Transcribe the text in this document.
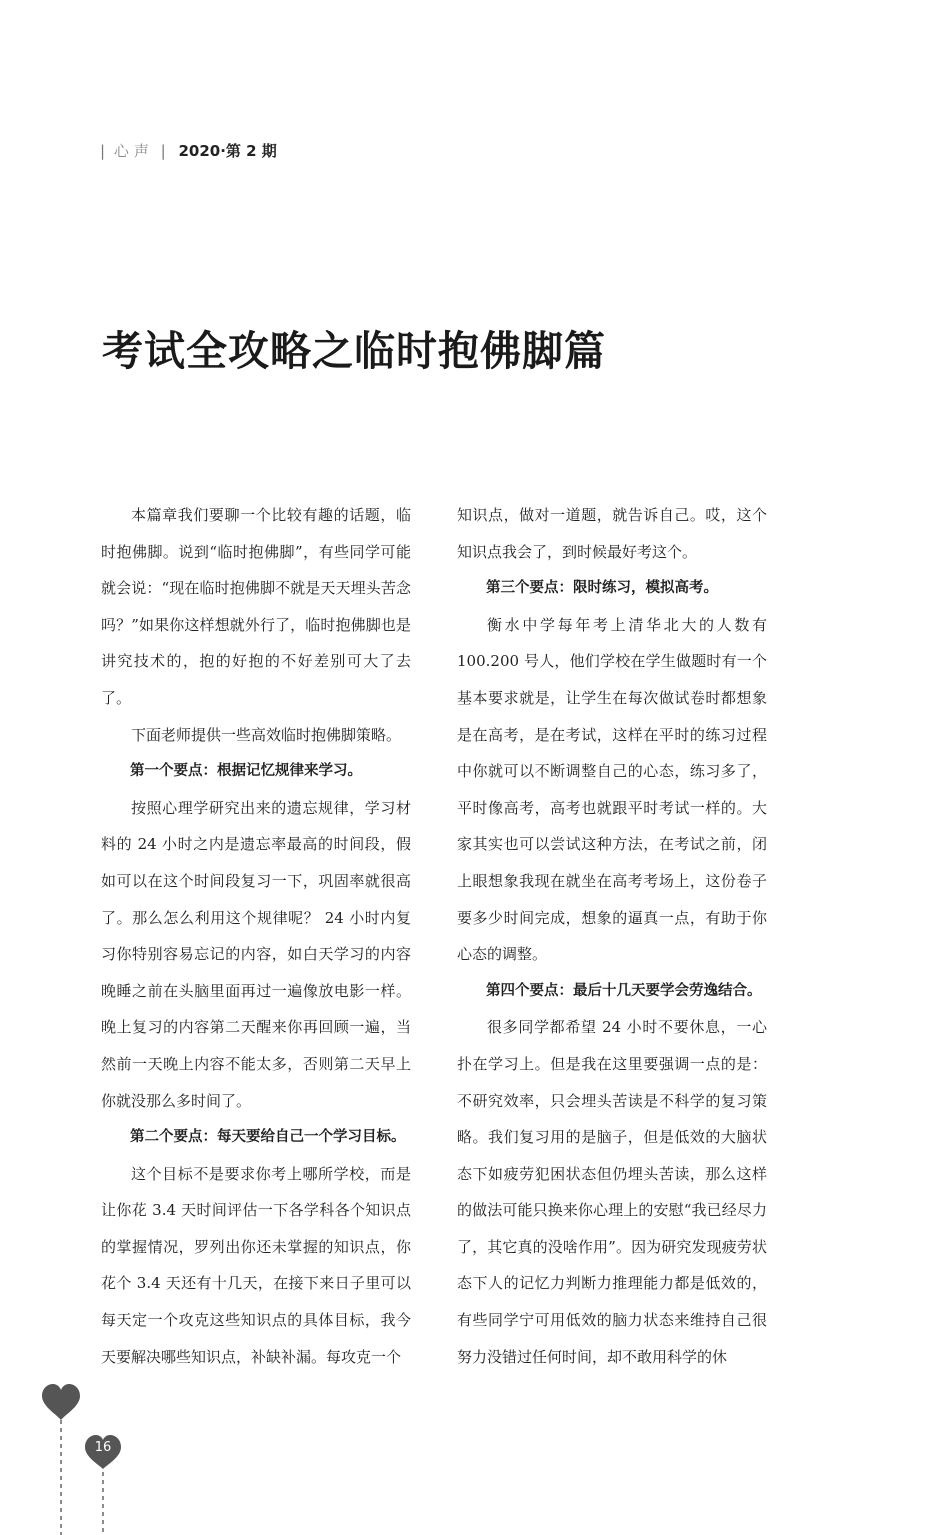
| 心声 | 2020·第 2 期
考试全攻略之临时抱佛脚篇

本篇章我们要聊一个比较有趣的话题，临时抱佛脚。说到“临时抱佛脚”，有些同学可能就会说：“现在临时抱佛脚不就是天天埋头苦念吗？”如果你这样想就外行了，临时抱佛脚也是讲究技术的，抱的好抱的不好差别可大了去了。

下面老师提供一些高效临时抱佛脚策略。

第一个要点：根据记忆规律来学习。

按照心理学研究出来的遗忘规律，学习材料的 24 小时之内是遗忘率最高的时间段，假如可以在这个时间段复习一下，巩固率就很高了。那么怎么利用这个规律呢？ 24 小时内复习你特别容易忘记的内容，如白天学习的内容晚睡之前在头脑里面再过一遍像放电影一样。晚上复习的内容第二天醒来你再回顾一遍，当然前一天晚上内容不能太多，否则第二天早上你就没那么多时间了。

第二个要点：每天要给自己一个学习目标。

这个目标不是要求你考上哪所学校，而是让你花 3.4 天时间评估一下各学科各个知识点的掌握情况，罗列出你还未掌握的知识点，你花个 3.4 天还有十几天，在接下来日子里可以每天定一个攻克这些知识点的具体目标，我今天要解决哪些知识点，补缺补漏。每攻克一个

知识点，做对一道题，就告诉自己。哎，这个知识点我会了，到时候最好考这个。

第三个要点：限时练习，模拟高考。

衡水中学每年考上清华北大的人数有 100.200 号人，他们学校在学生做题时有一个基本要求就是，让学生在每次做试卷时都想象是在高考，是在考试，这样在平时的练习过程中你就可以不断调整自己的心态，练习多了，平时像高考，高考也就跟平时考试一样的。大家其实也可以尝试这种方法，在考试之前，闭上眼想象我现在就坐在高考考场上，这份卷子要多少时间完成，想象的逼真一点，有助于你心态的调整。

第四个要点：最后十几天要学会劳逸结合。

很多同学都希望 24 小时不要休息，一心扑在学习上。但是我在这里要强调一点的是：不研究效率，只会埋头苦读是不科学的复习策略。我们复习用的是脑子，但是低效的大脑状态下如疲劳犯困状态但仍埋头苦读，那么这样的做法可能只换来你心理上的安慰“我已经尽力了，其它真的没啥作用”。因为研究发现疲劳状态下人的记忆力判断力推理能力都是低效的，有些同学宁可用低效的脑力状态来维持自己很努力没错过任何时间，却不敢用科学的休

16
